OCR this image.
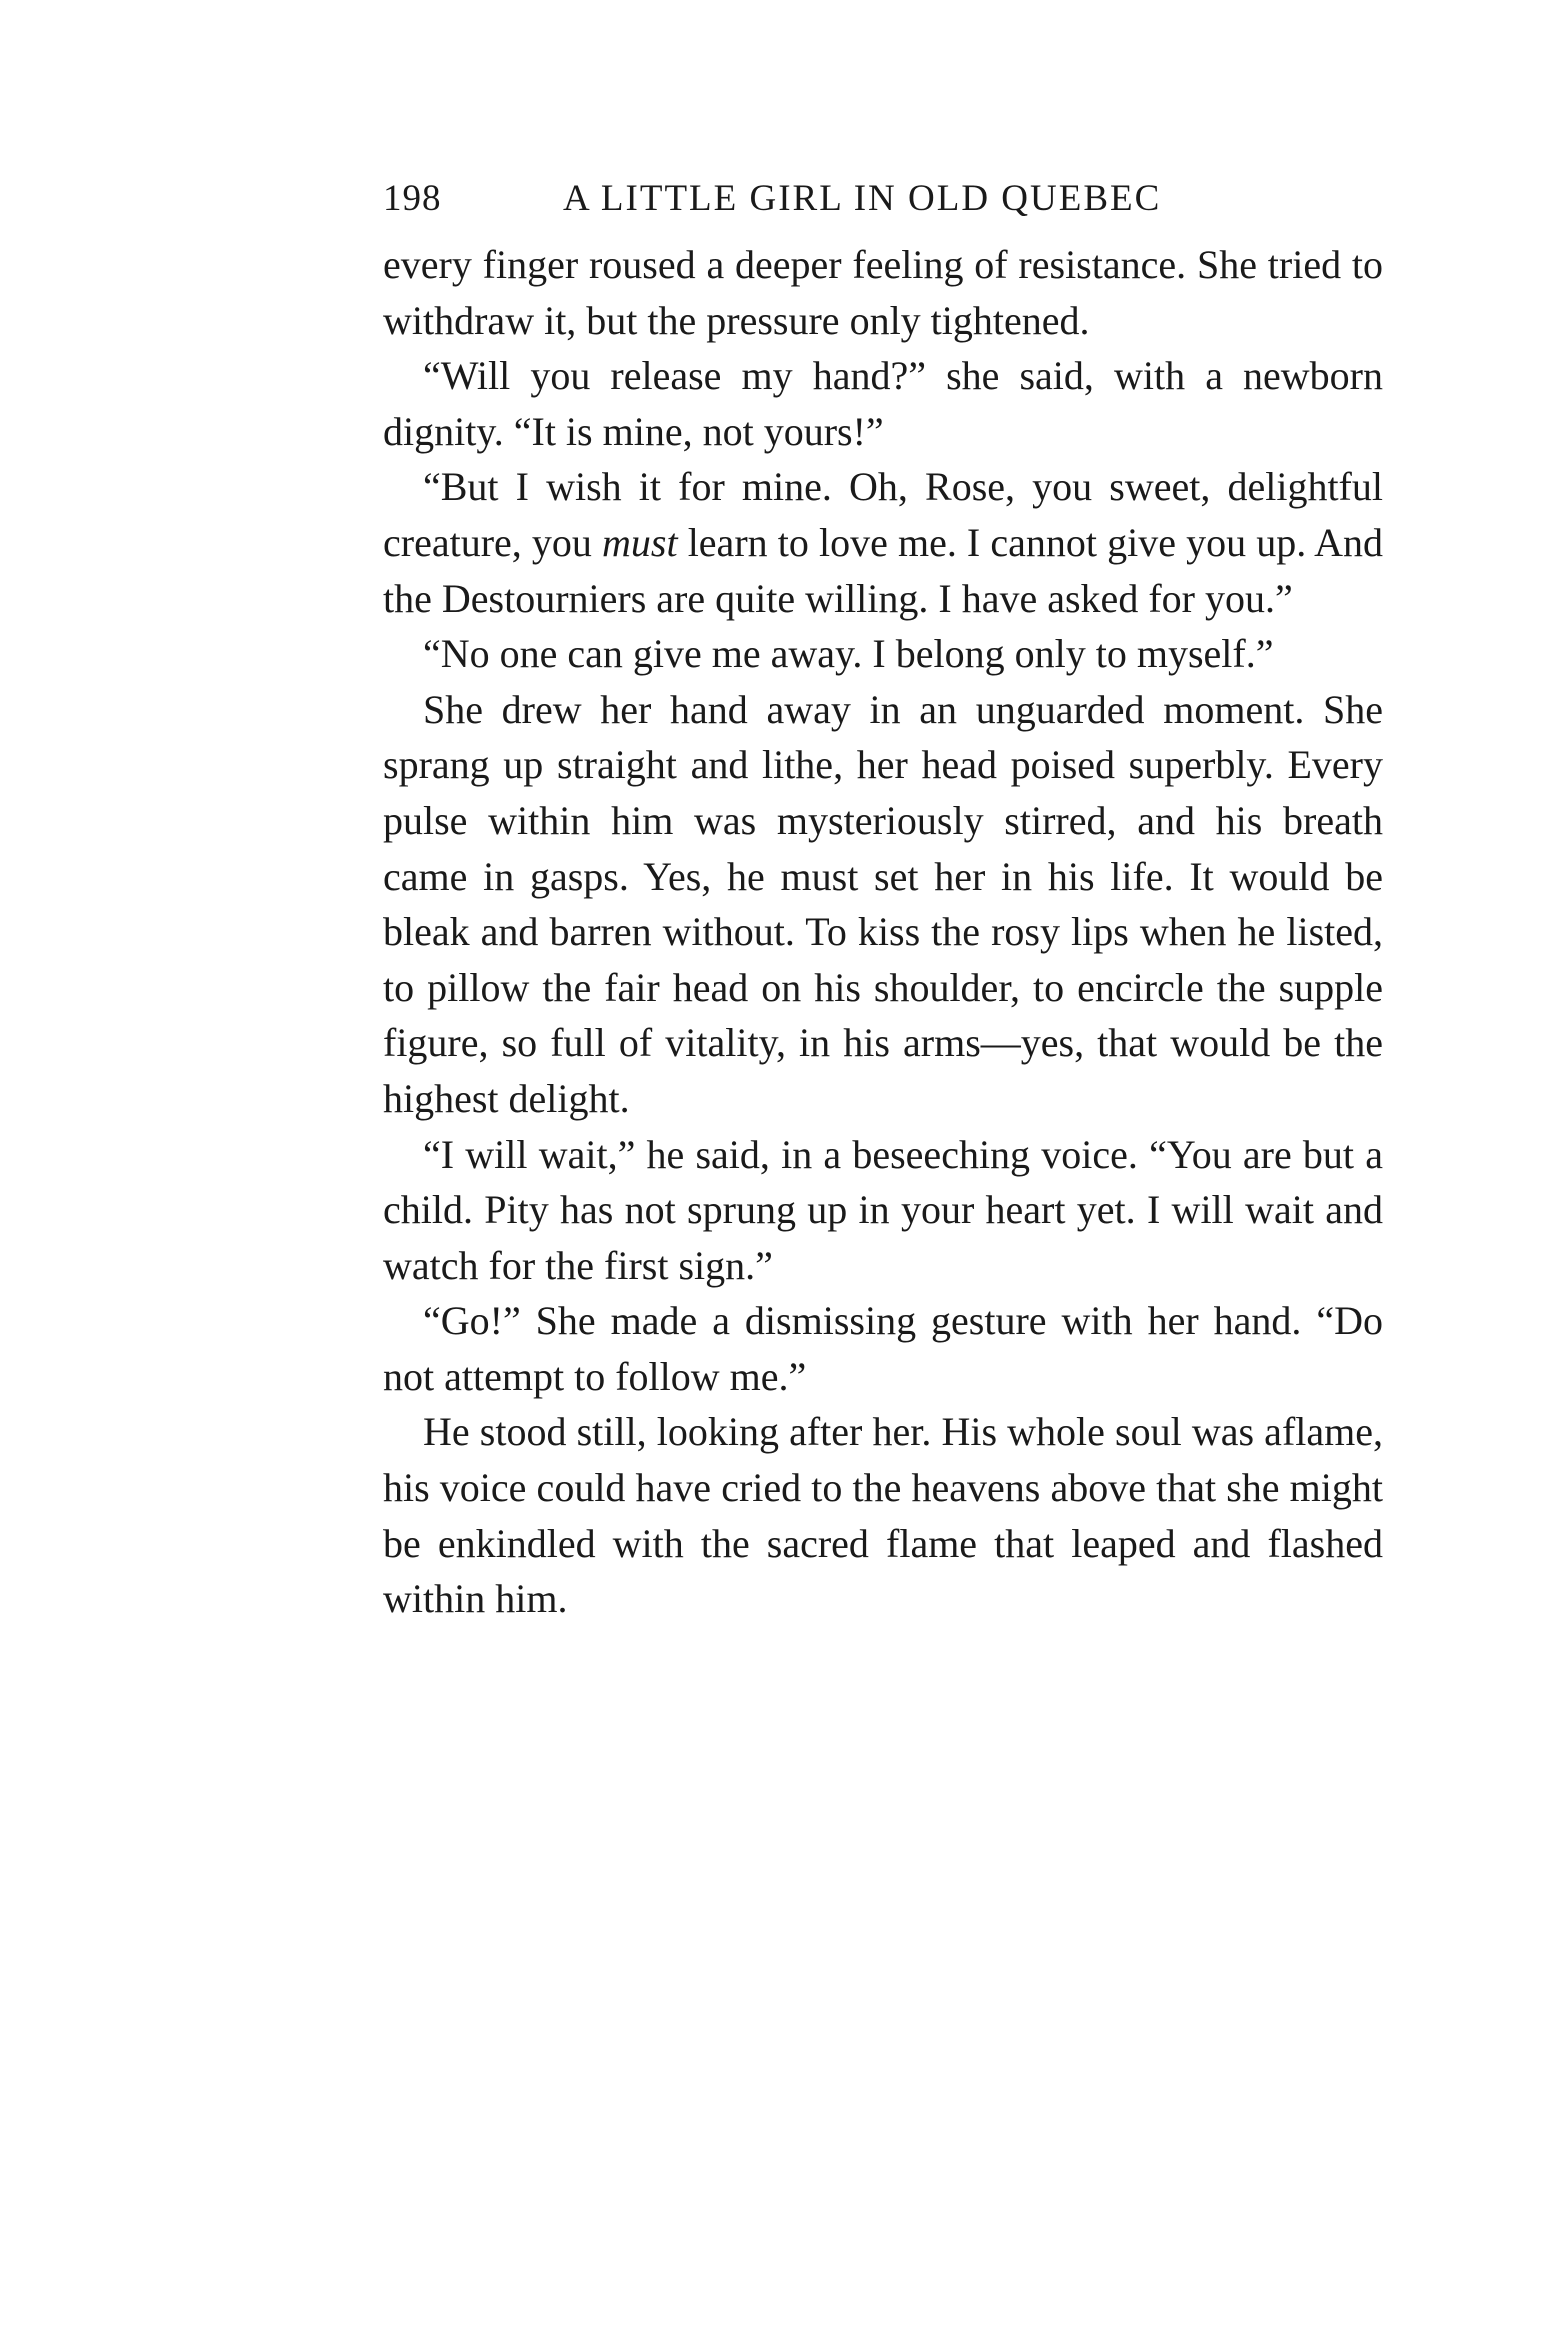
198	A LITTLE GIRL IN OLD QUEBEC

every finger roused a deeper feeling of resistance. She tried to withdraw it, but the pressure only tightened.

“Will you release my hand?” she said, with a newborn dignity. “It is mine, not yours!”

“But I wish it for mine. Oh, Rose, you sweet, delightful creature, you must learn to love me. I cannot give you up. And the Destourniers are quite willing. I have asked for you.”

“No one can give me away. I belong only to myself.”

She drew her hand away in an unguarded moment. She sprang up straight and lithe, her head poised superbly. Every pulse within him was mysteriously stirred, and his breath came in gasps. Yes, he must set her in his life. It would be bleak and barren without. To kiss the rosy lips when he listed, to pillow the fair head on his shoulder, to encircle the supple figure, so full of vitality, in his arms—yes, that would be the highest delight.

“I will wait,” he said, in a beseeching voice. “You are but a child. Pity has not sprung up in your heart yet. I will wait and watch for the first sign.”

“Go!” She made a dismissing gesture with her hand. “Do not attempt to follow me.”

He stood still, looking after her. His whole soul was aflame, his voice could have cried to the heavens above that she might be enkindled with the sacred flame that leaped and flashed within him.
